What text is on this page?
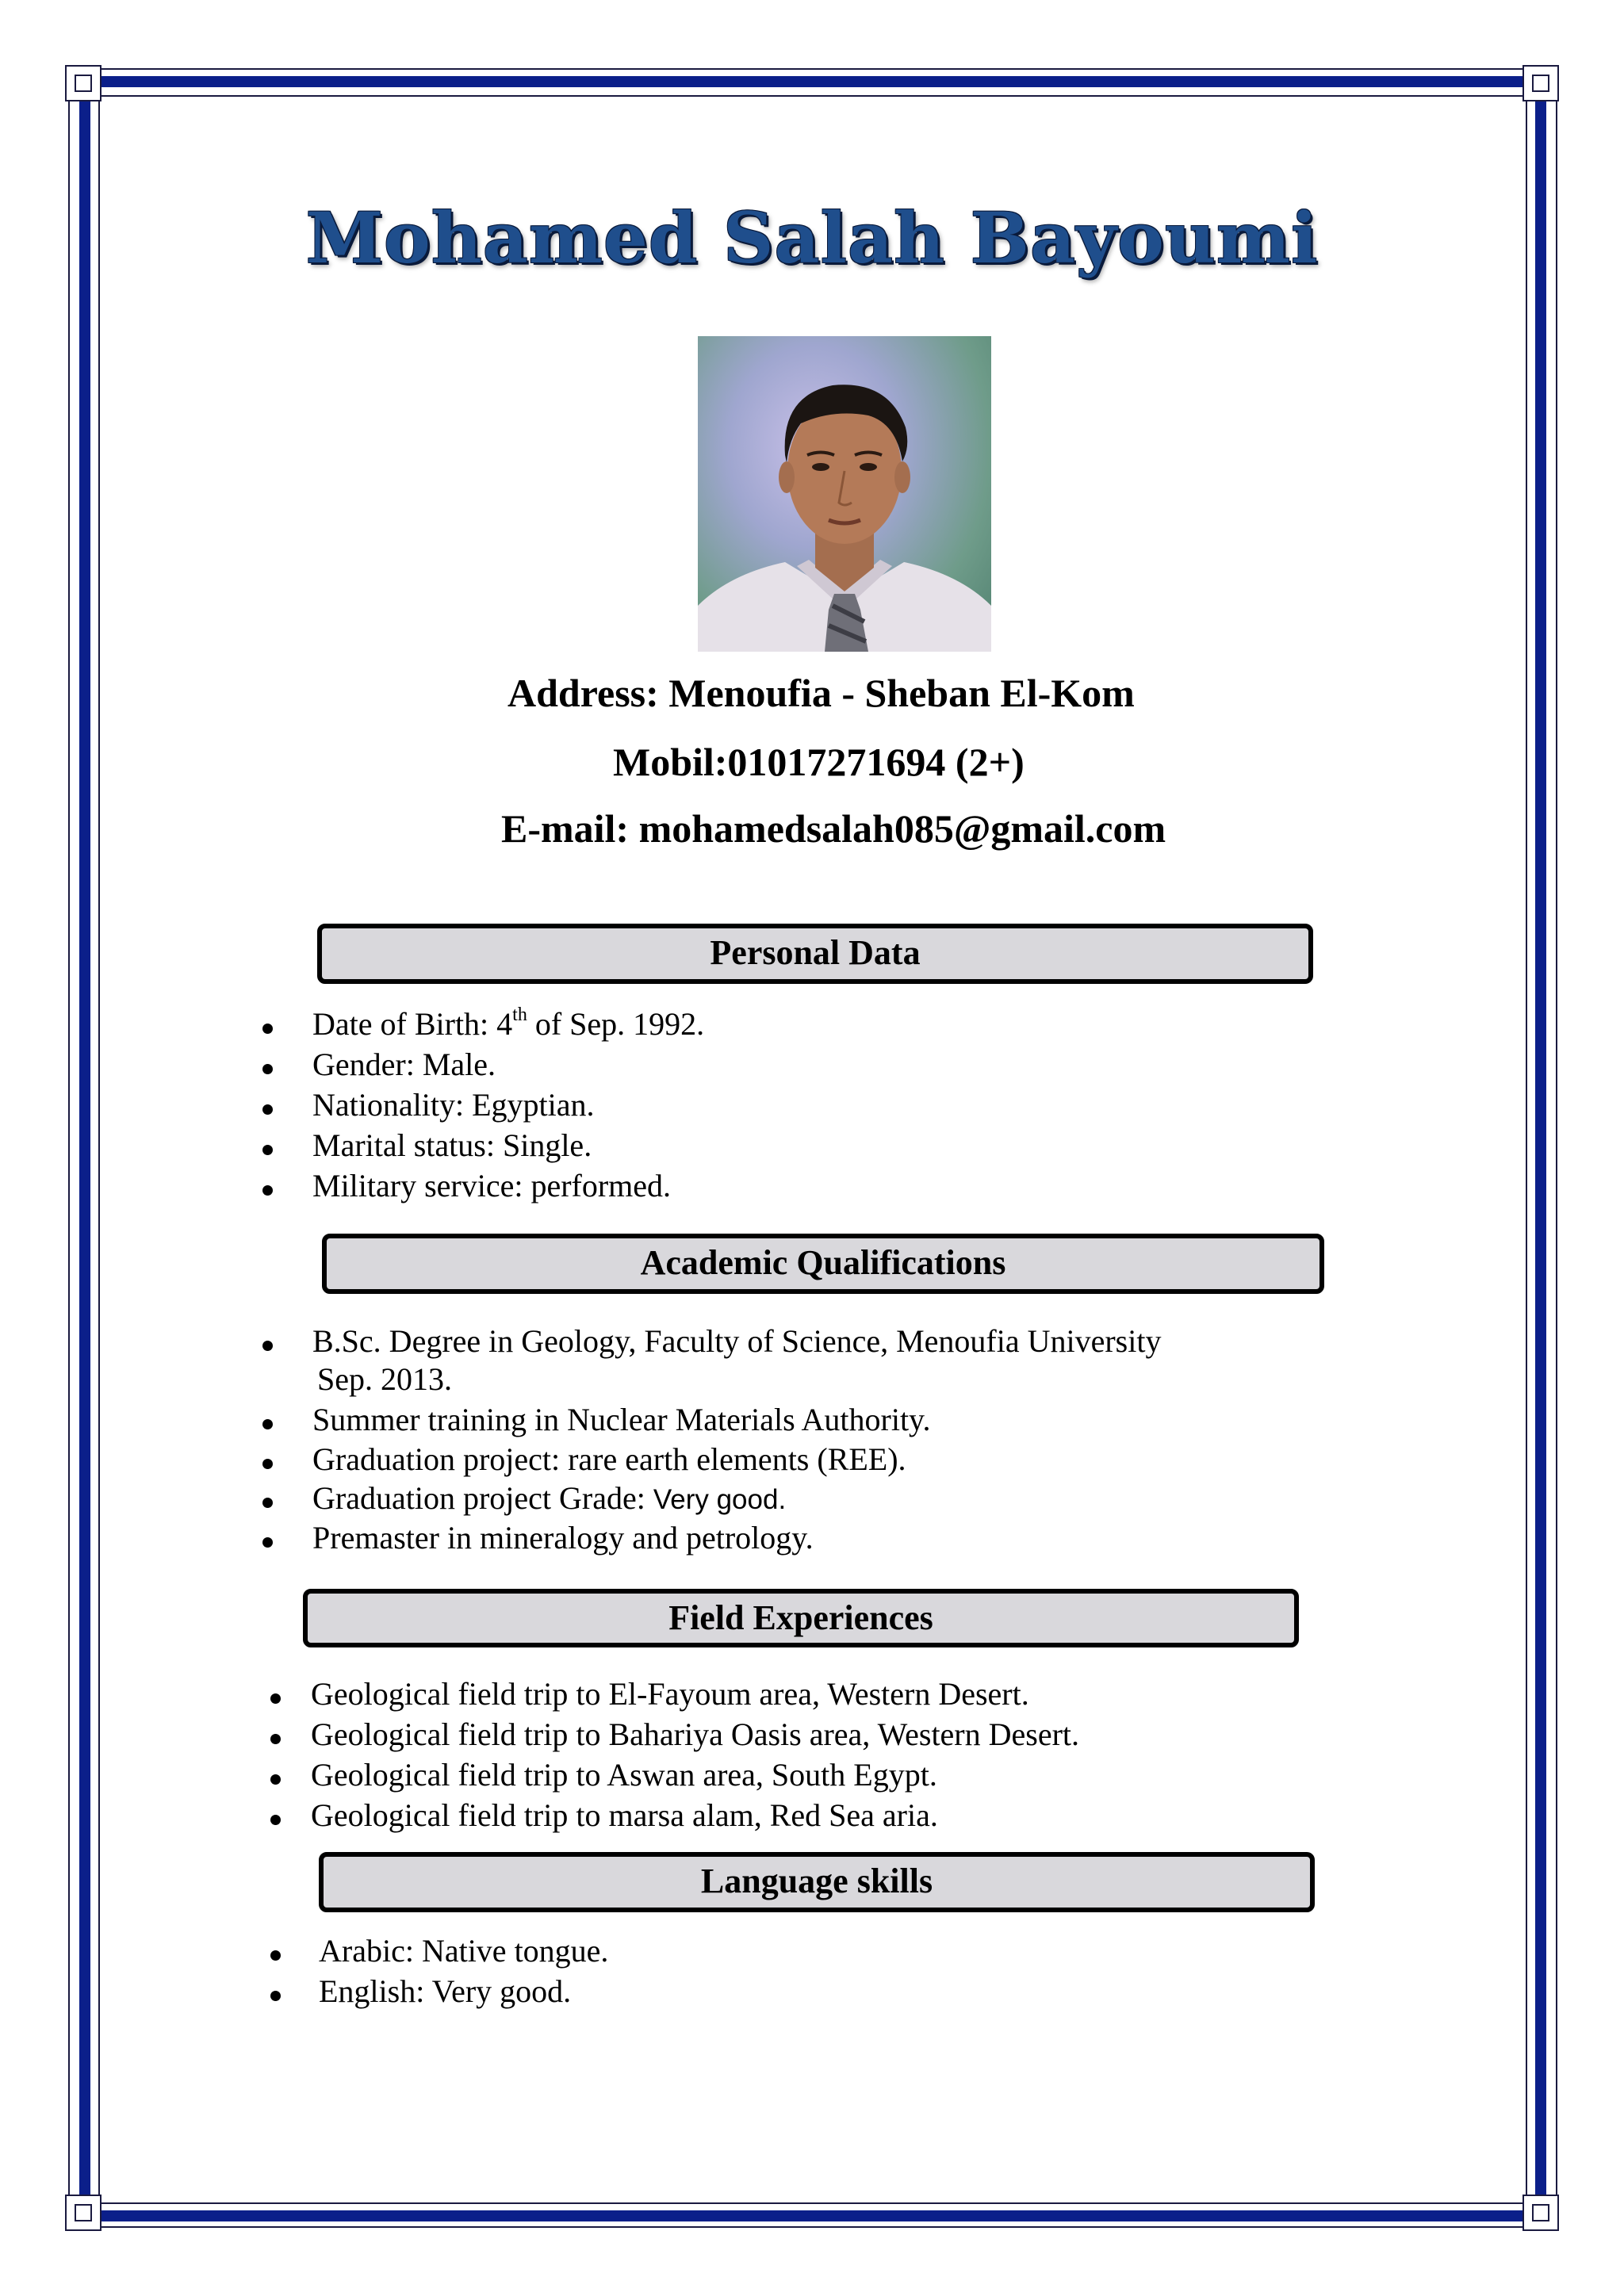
Mohamed Salah Bayoumi
Address: Menoufia - Sheban El-Kom
Mobil:01017271694 (2+)
E-mail: mohamedsalah085@gmail.com
Personal Data
Date of Birth: 4th of Sep. 1992.
Gender: Male.
Nationality: Egyptian.
Marital status: Single.
Military service: performed.
Academic Qualifications
B.Sc. Degree in Geology, Faculty of Science, Menoufia University
Sep. 2013.
Summer training in Nuclear Materials Authority.
Graduation project: rare earth elements (REE).
Graduation project Grade: Very good.
Premaster in mineralogy and petrology.
Field Experiences
Geological field trip to El-Fayoum area, Western Desert.
Geological field trip to Bahariya Oasis area, Western Desert.
Geological field trip to Aswan area, South Egypt.
Geological field trip to marsa alam, Red Sea aria.
Language skills
Arabic: Native tongue.
English: Very good.
